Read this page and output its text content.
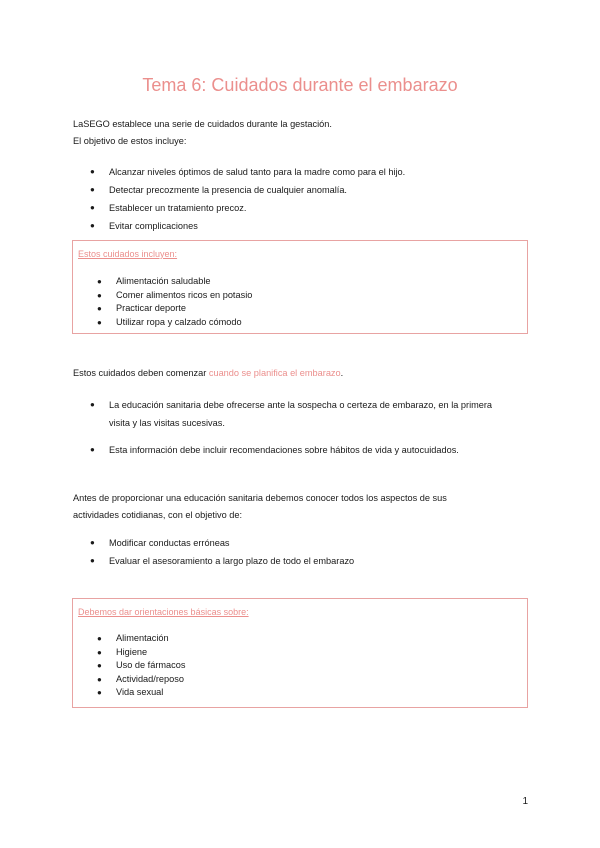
Tema 6: Cuidados durante el embarazo
LaSEGO establece una serie de cuidados durante la gestación.
El objetivo de estos incluye:
● Alcanzar niveles óptimos de salud tanto para la madre como para el hijo.
● Detectar precozmente la presencia de cualquier anomalía.
● Establecer un tratamiento precoz.
● Evitar complicaciones
Estos cuidados incluyen:
● Alimentación saludable
● Comer alimentos ricos en potasio
● Practicar deporte
● Utilizar ropa y calzado cómodo
Estos cuidados deben comenzar cuando se planifica el embarazo.
● La educación sanitaria debe ofrecerse ante la sospecha o certeza de embarazo, en la primera
visita y las visitas sucesivas.
● Esta información debe incluir recomendaciones sobre hábitos de vida y autocuidados.
Antes de proporcionar una educación sanitaria debemos conocer todos los aspectos de sus
actividades cotidianas, con el objetivo de:
● Modificar conductas erróneas
● Evaluar el asesoramiento a largo plazo de todo el embarazo
Debemos dar orientaciones básicas sobre:
● Alimentación
● Higiene
● Uso de fármacos
● Actividad/reposo
● Vida sexual
1
